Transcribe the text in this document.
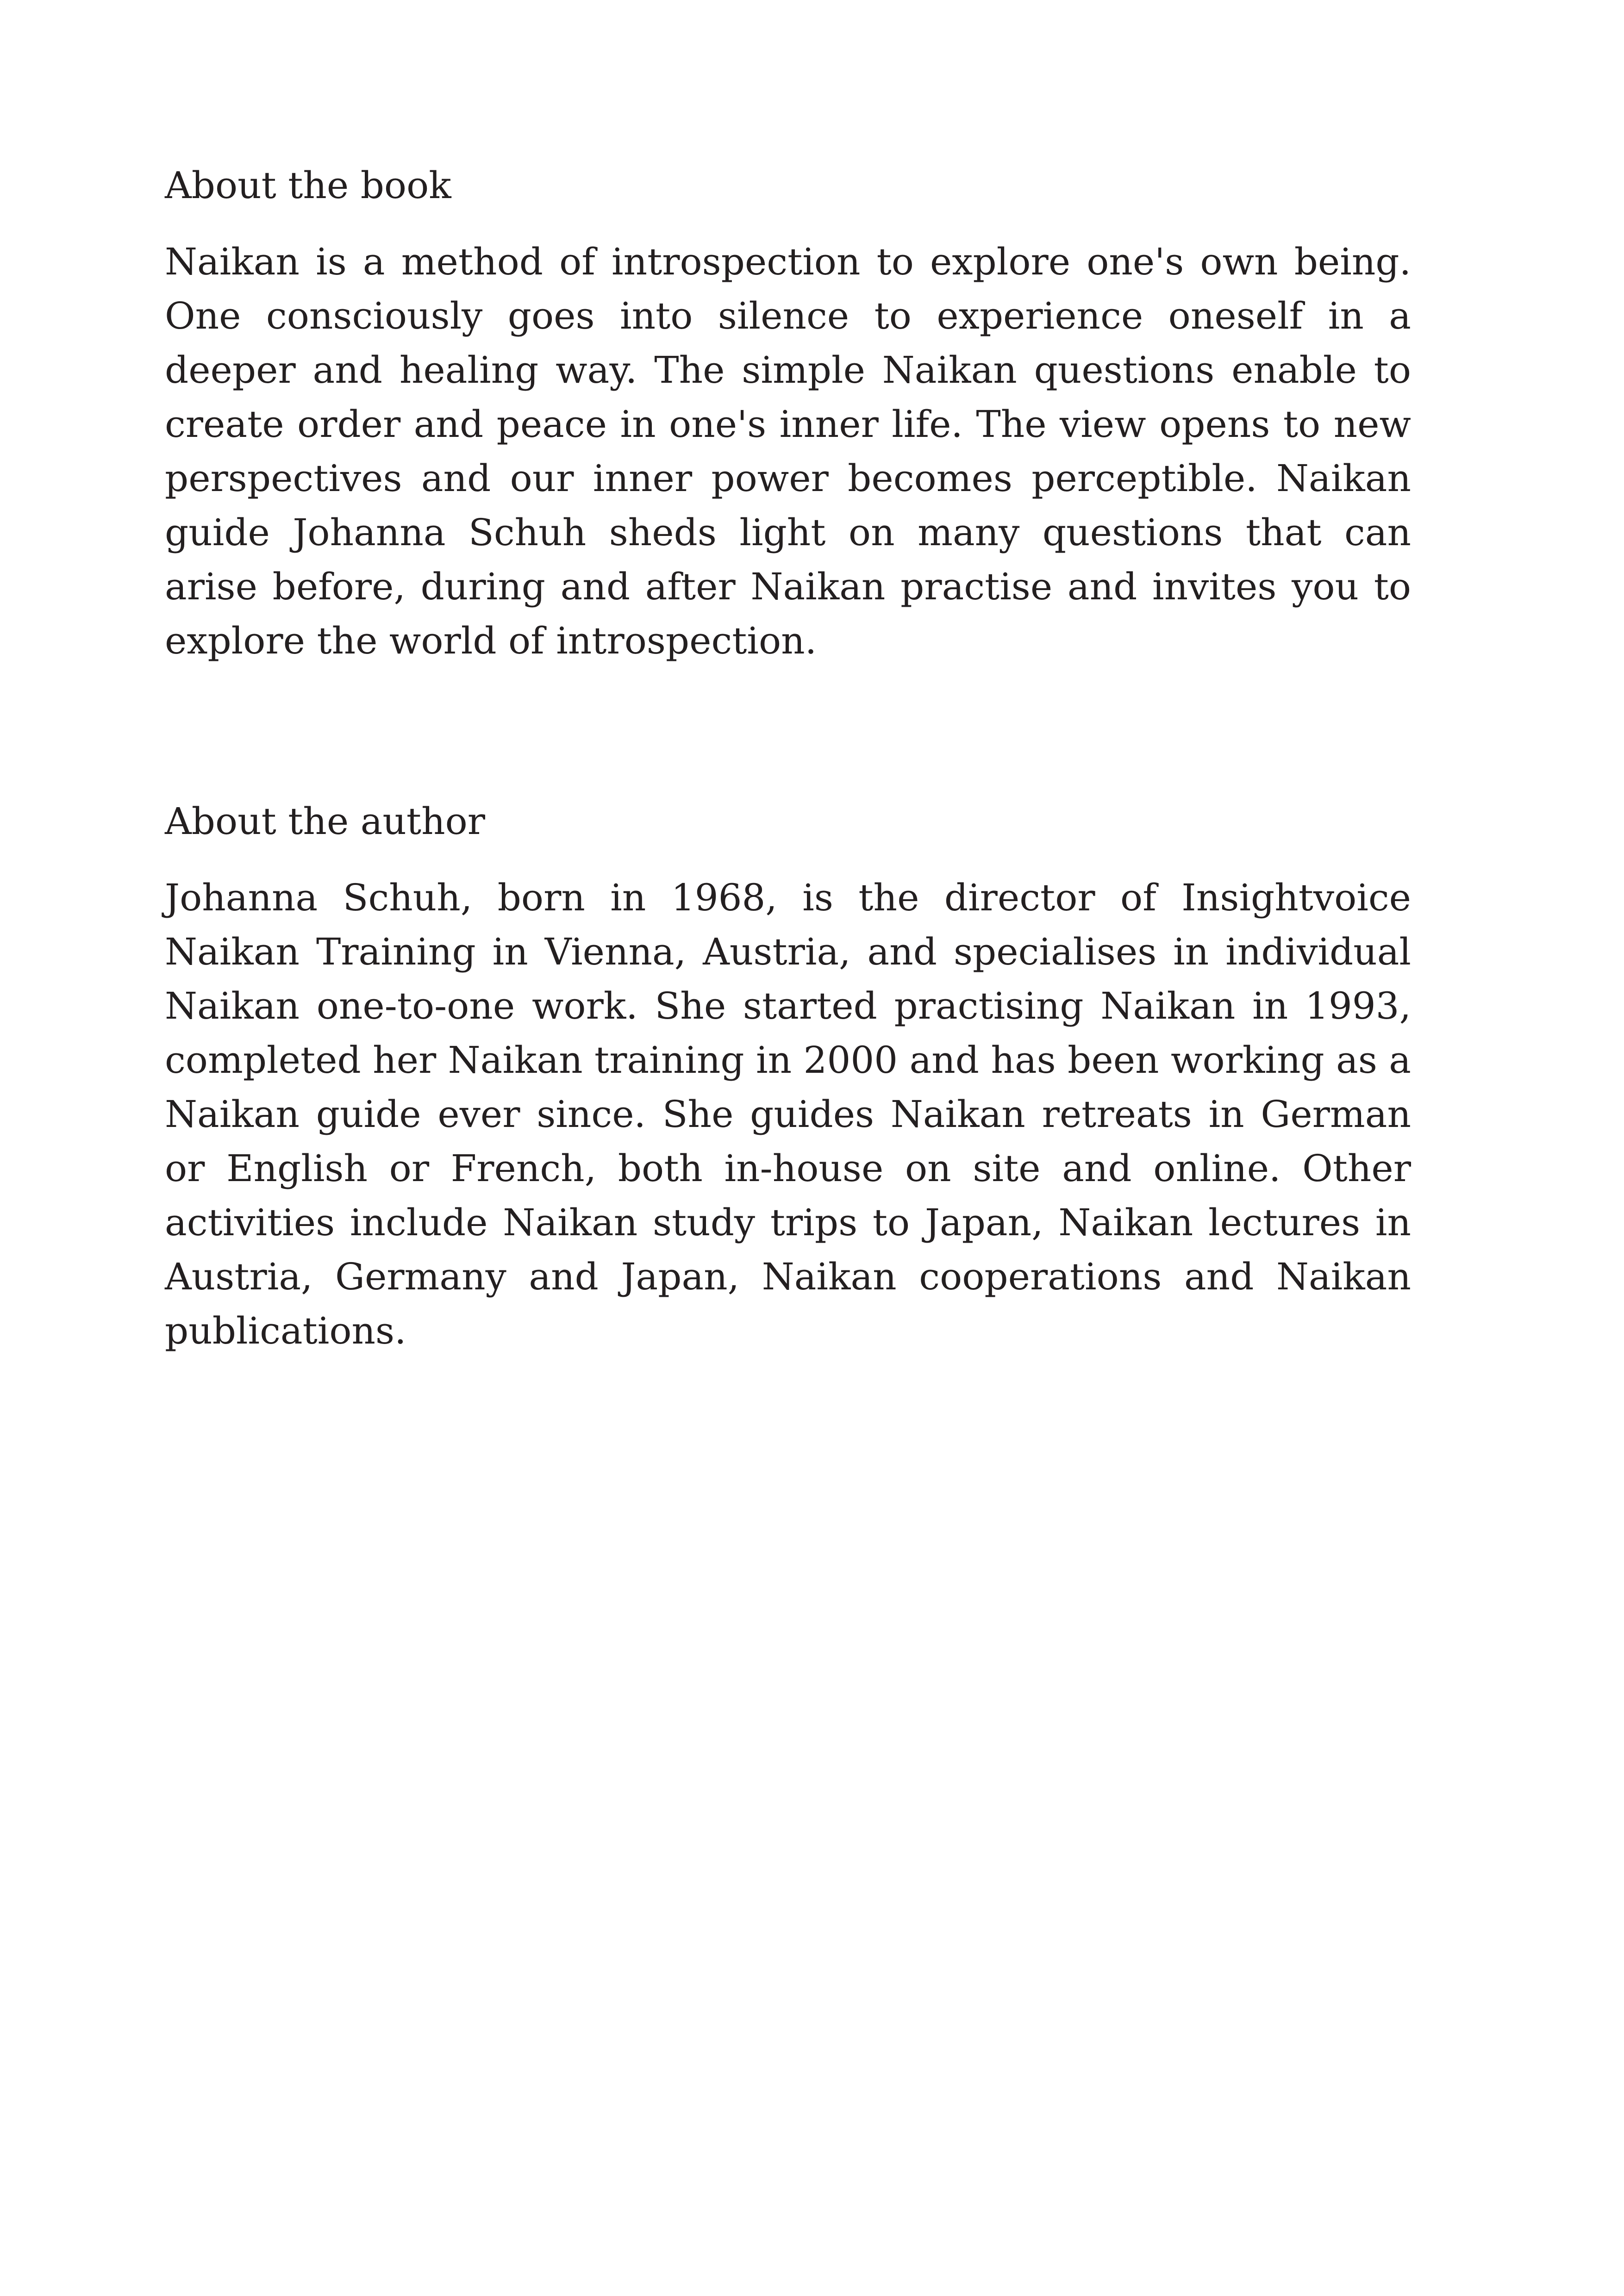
About the book

Naikan is a method of introspection to explore one's own being. One consciously goes into silence to experience oneself in a deeper and healing way. The simple Naikan questions enable to create order and peace in one's inner life. The view opens to new perspectives and our inner power becomes perceptible. Naikan guide Johanna Schuh sheds light on many questions that can arise before, during and after Naikan practise and invites you to explore the world of introspection.

About the author

Johanna Schuh, born in 1968, is the director of Insightvoice Naikan Training in Vienna, Austria, and specialises in individual Naikan one-to-one work. She started practising Naikan in 1993, completed her Naikan training in 2000 and has been working as a Naikan guide ever since. She guides Naikan retreats in German or English or French, both in-house on site and online. Other activities include Naikan study trips to Japan, Naikan lectures in Austria, Germany and Japan, Naikan cooperations and Naikan publications.
